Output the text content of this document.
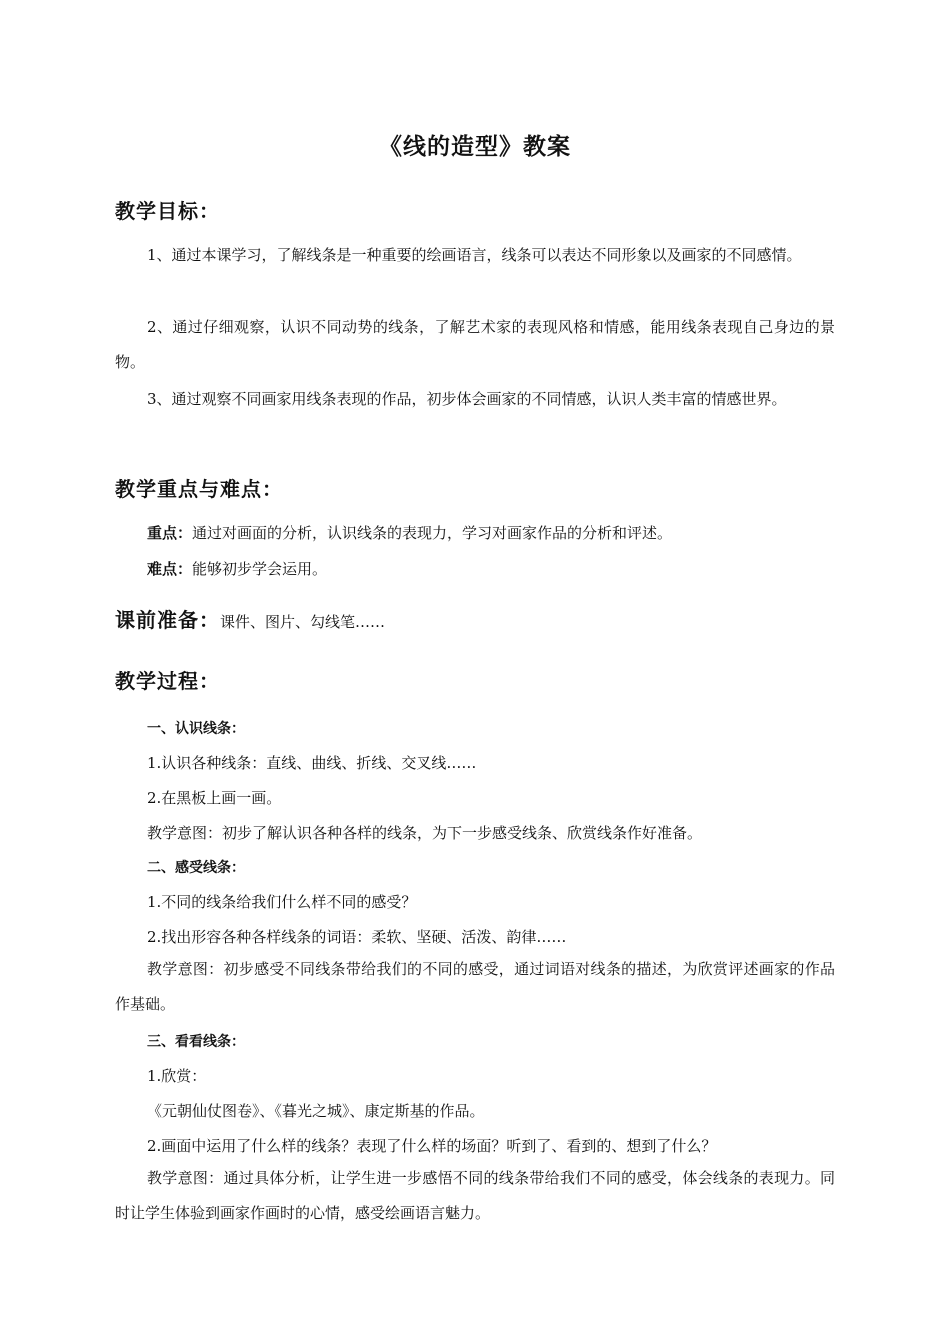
《线的造型》教案
教学目标：
1、通过本课学习，了解线条是一种重要的绘画语言，线条可以表达不同形象以及画家的不同感情。
2、通过仔细观察，认识不同动势的线条，了解艺术家的表现风格和情感，能用线条表现自己身边的景物。
3、通过观察不同画家用线条表现的作品，初步体会画家的不同情感，认识人类丰富的情感世界。
教学重点与难点：
重点：通过对画面的分析，认识线条的表现力，学习对画家作品的分析和评述。
难点：能够初步学会运用。
课前准备：课件、图片、勾线笔……
教学过程：
一、认识线条：
1.认识各种线条：直线、曲线、折线、交叉线……
2.在黑板上画一画。
教学意图：初步了解认识各种各样的线条，为下一步感受线条、欣赏线条作好准备。
二、感受线条：
1.不同的线条给我们什么样不同的感受？
2.找出形容各种各样线条的词语：柔软、坚硬、活泼、韵律……
教学意图：初步感受不同线条带给我们的不同的感受，通过词语对线条的描述，为欣赏评述画家的作品作基础。
三、看看线条：
1.欣赏：
《元朝仙仗图卷》、《暮光之城》、康定斯基的作品。
2.画面中运用了什么样的线条？表现了什么样的场面？听到了、看到的、想到了什么？
教学意图：通过具体分析，让学生进一步感悟不同的线条带给我们不同的感受，体会线条的表现力。同时让学生体验到画家作画时的心情，感受绘画语言魅力。
